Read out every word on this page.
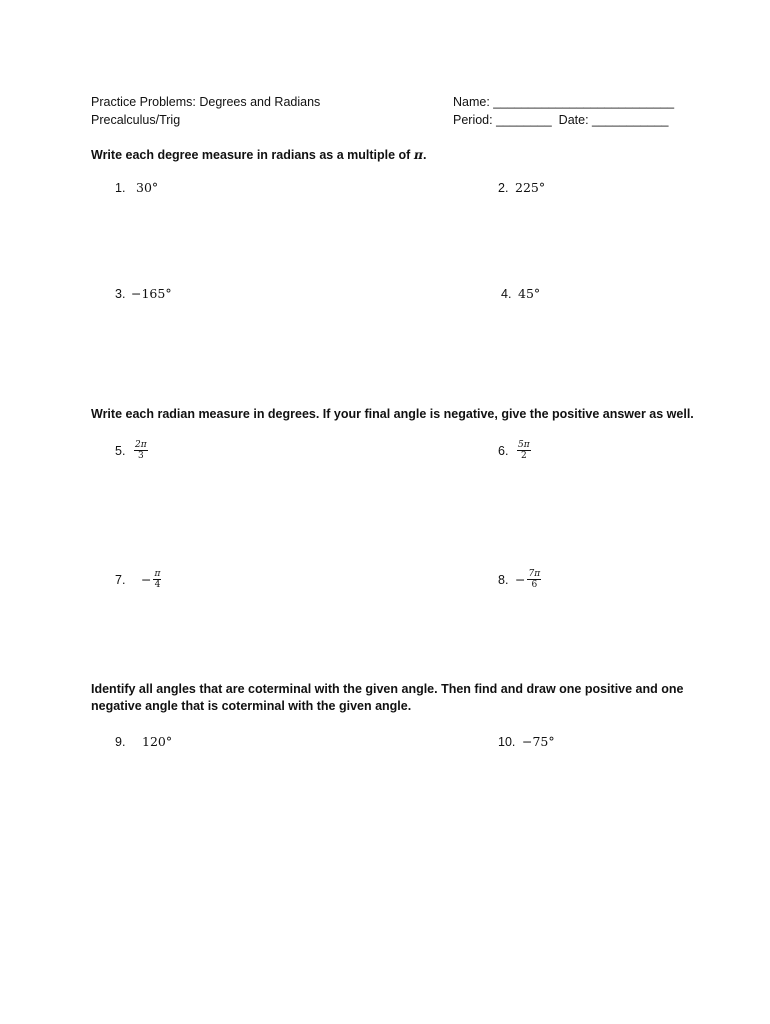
Practice Problems: Degrees and Radians
Precalculus/Trig
Name: __________________________
Period: ________  Date: ___________
Write each degree measure in radians as a multiple of π.
1. 30°	2. 225°
3. −165°	4. 45°
Write each radian measure in degrees. If your final angle is negative, give the positive answer as well.
5. $\frac{2\pi}{3}$	6. $\frac{5\pi}{2}$
7.	− $\frac{\pi}{4}$	8. − $\frac{7\pi}{6}$
Identify all angles that are coterminal with the given angle. Then find and draw one positive and one negative angle that is coterminal with the given angle.
9.	120°	10. −75°
